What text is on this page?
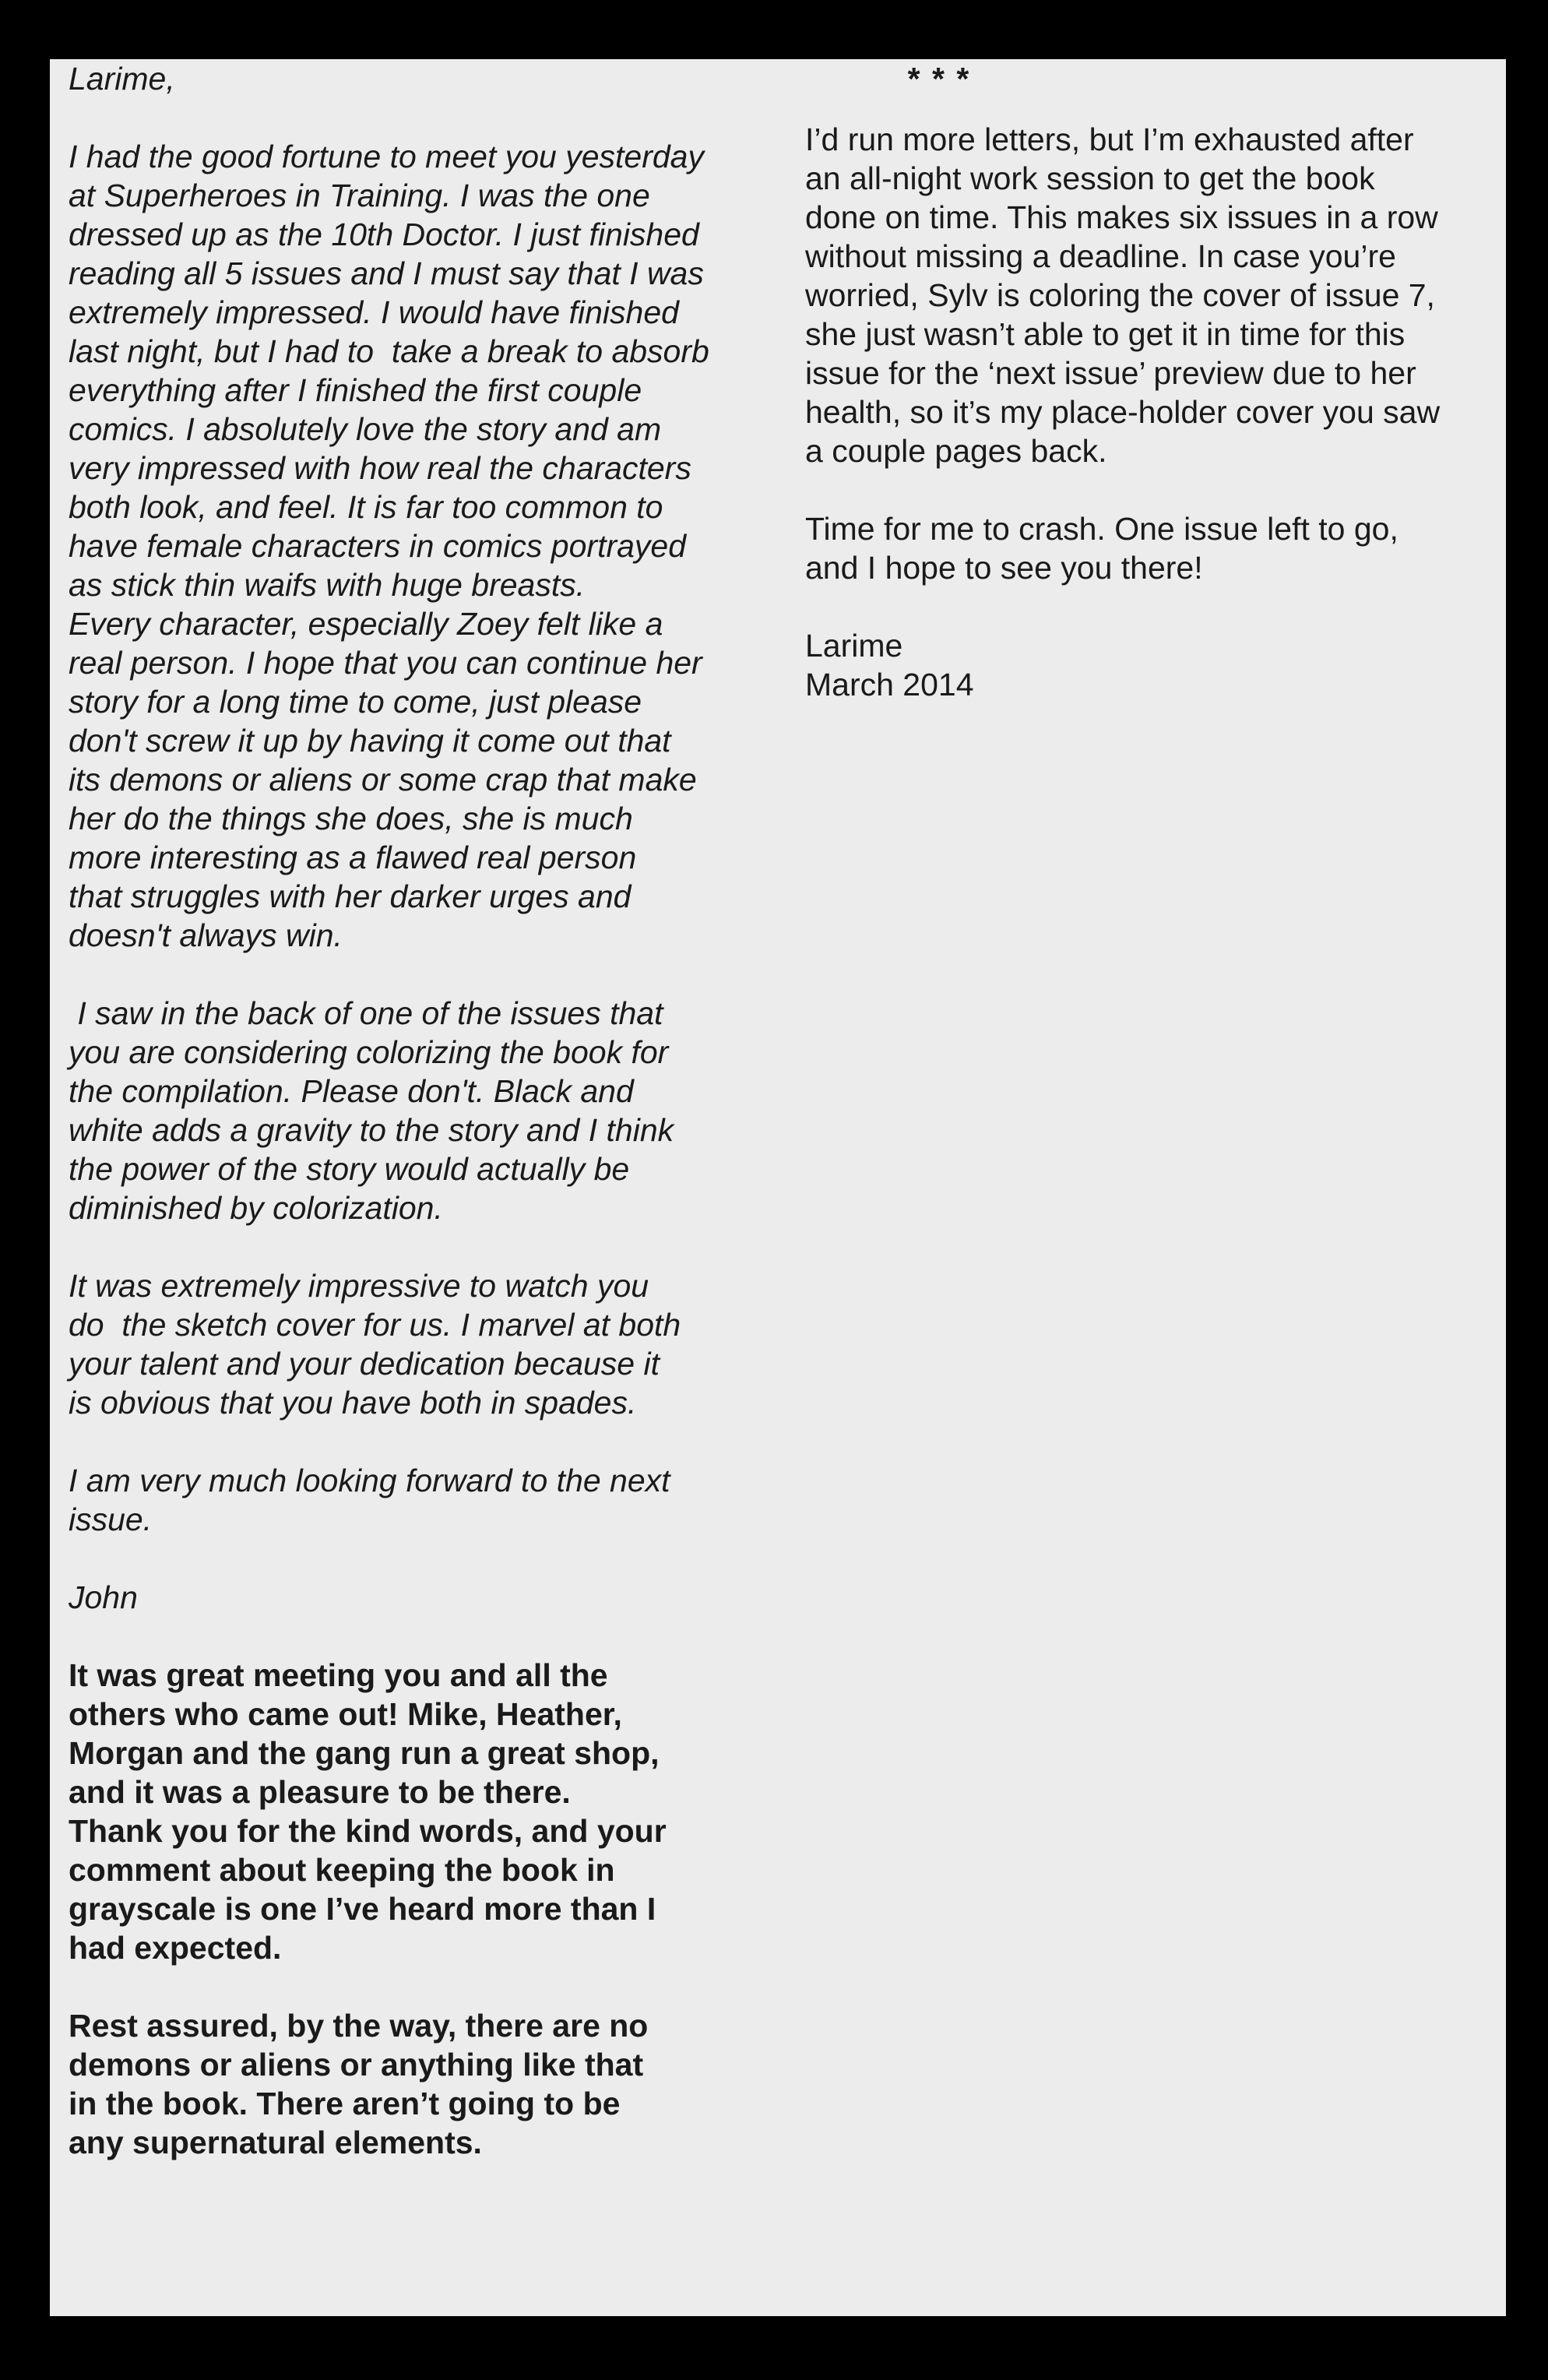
Larime,
I had the good fortune to meet you yesterday
at Superheroes in Training. I was the one
dressed up as the 10th Doctor. I just finished
reading all 5 issues and I must say that I was
extremely impressed. I would have finished
last night, but I had to  take a break to absorb
everything after I finished the first couple
comics. I absolutely love the story and am
very impressed with how real the characters
both look, and feel. It is far too common to
have female characters in comics portrayed
as stick thin waifs with huge breasts.
Every character, especially Zoey felt like a
real person. I hope that you can continue her
story for a long time to come, just please
don't screw it up by having it come out that
its demons or aliens or some crap that make
her do the things she does, she is much
more interesting as a flawed real person
that struggles with her darker urges and
doesn't always win.
I saw in the back of one of the issues that
you are considering colorizing the book for
the compilation. Please don't. Black and
white adds a gravity to the story and I think
the power of the story would actually be
diminished by colorization.
It was extremely impressive to watch you
do  the sketch cover for us. I marvel at both
your talent and your dedication because it
is obvious that you have both in spades.
I am very much looking forward to the next
issue.
John
It was great meeting you and all the
others who came out! Mike, Heather,
Morgan and the gang run a great shop,
and it was a pleasure to be there.
Thank you for the kind words, and your
comment about keeping the book in
grayscale is one I’ve heard more than I
had expected.
Rest assured, by the way, there are no
demons or aliens or anything like that
in the book. There aren’t going to be
any supernatural elements.
* * *
I’d run more letters, but I’m exhausted after
an all-night work session to get the book
done on time. This makes six issues in a row
without missing a deadline. In case you’re
worried, Sylv is coloring the cover of issue 7,
she just wasn’t able to get it in time for this
issue for the ‘next issue’ preview due to her
health, so it’s my place-holder cover you saw
a couple pages back.
Time for me to crash. One issue left to go,
and I hope to see you there!
Larime
March 2014
